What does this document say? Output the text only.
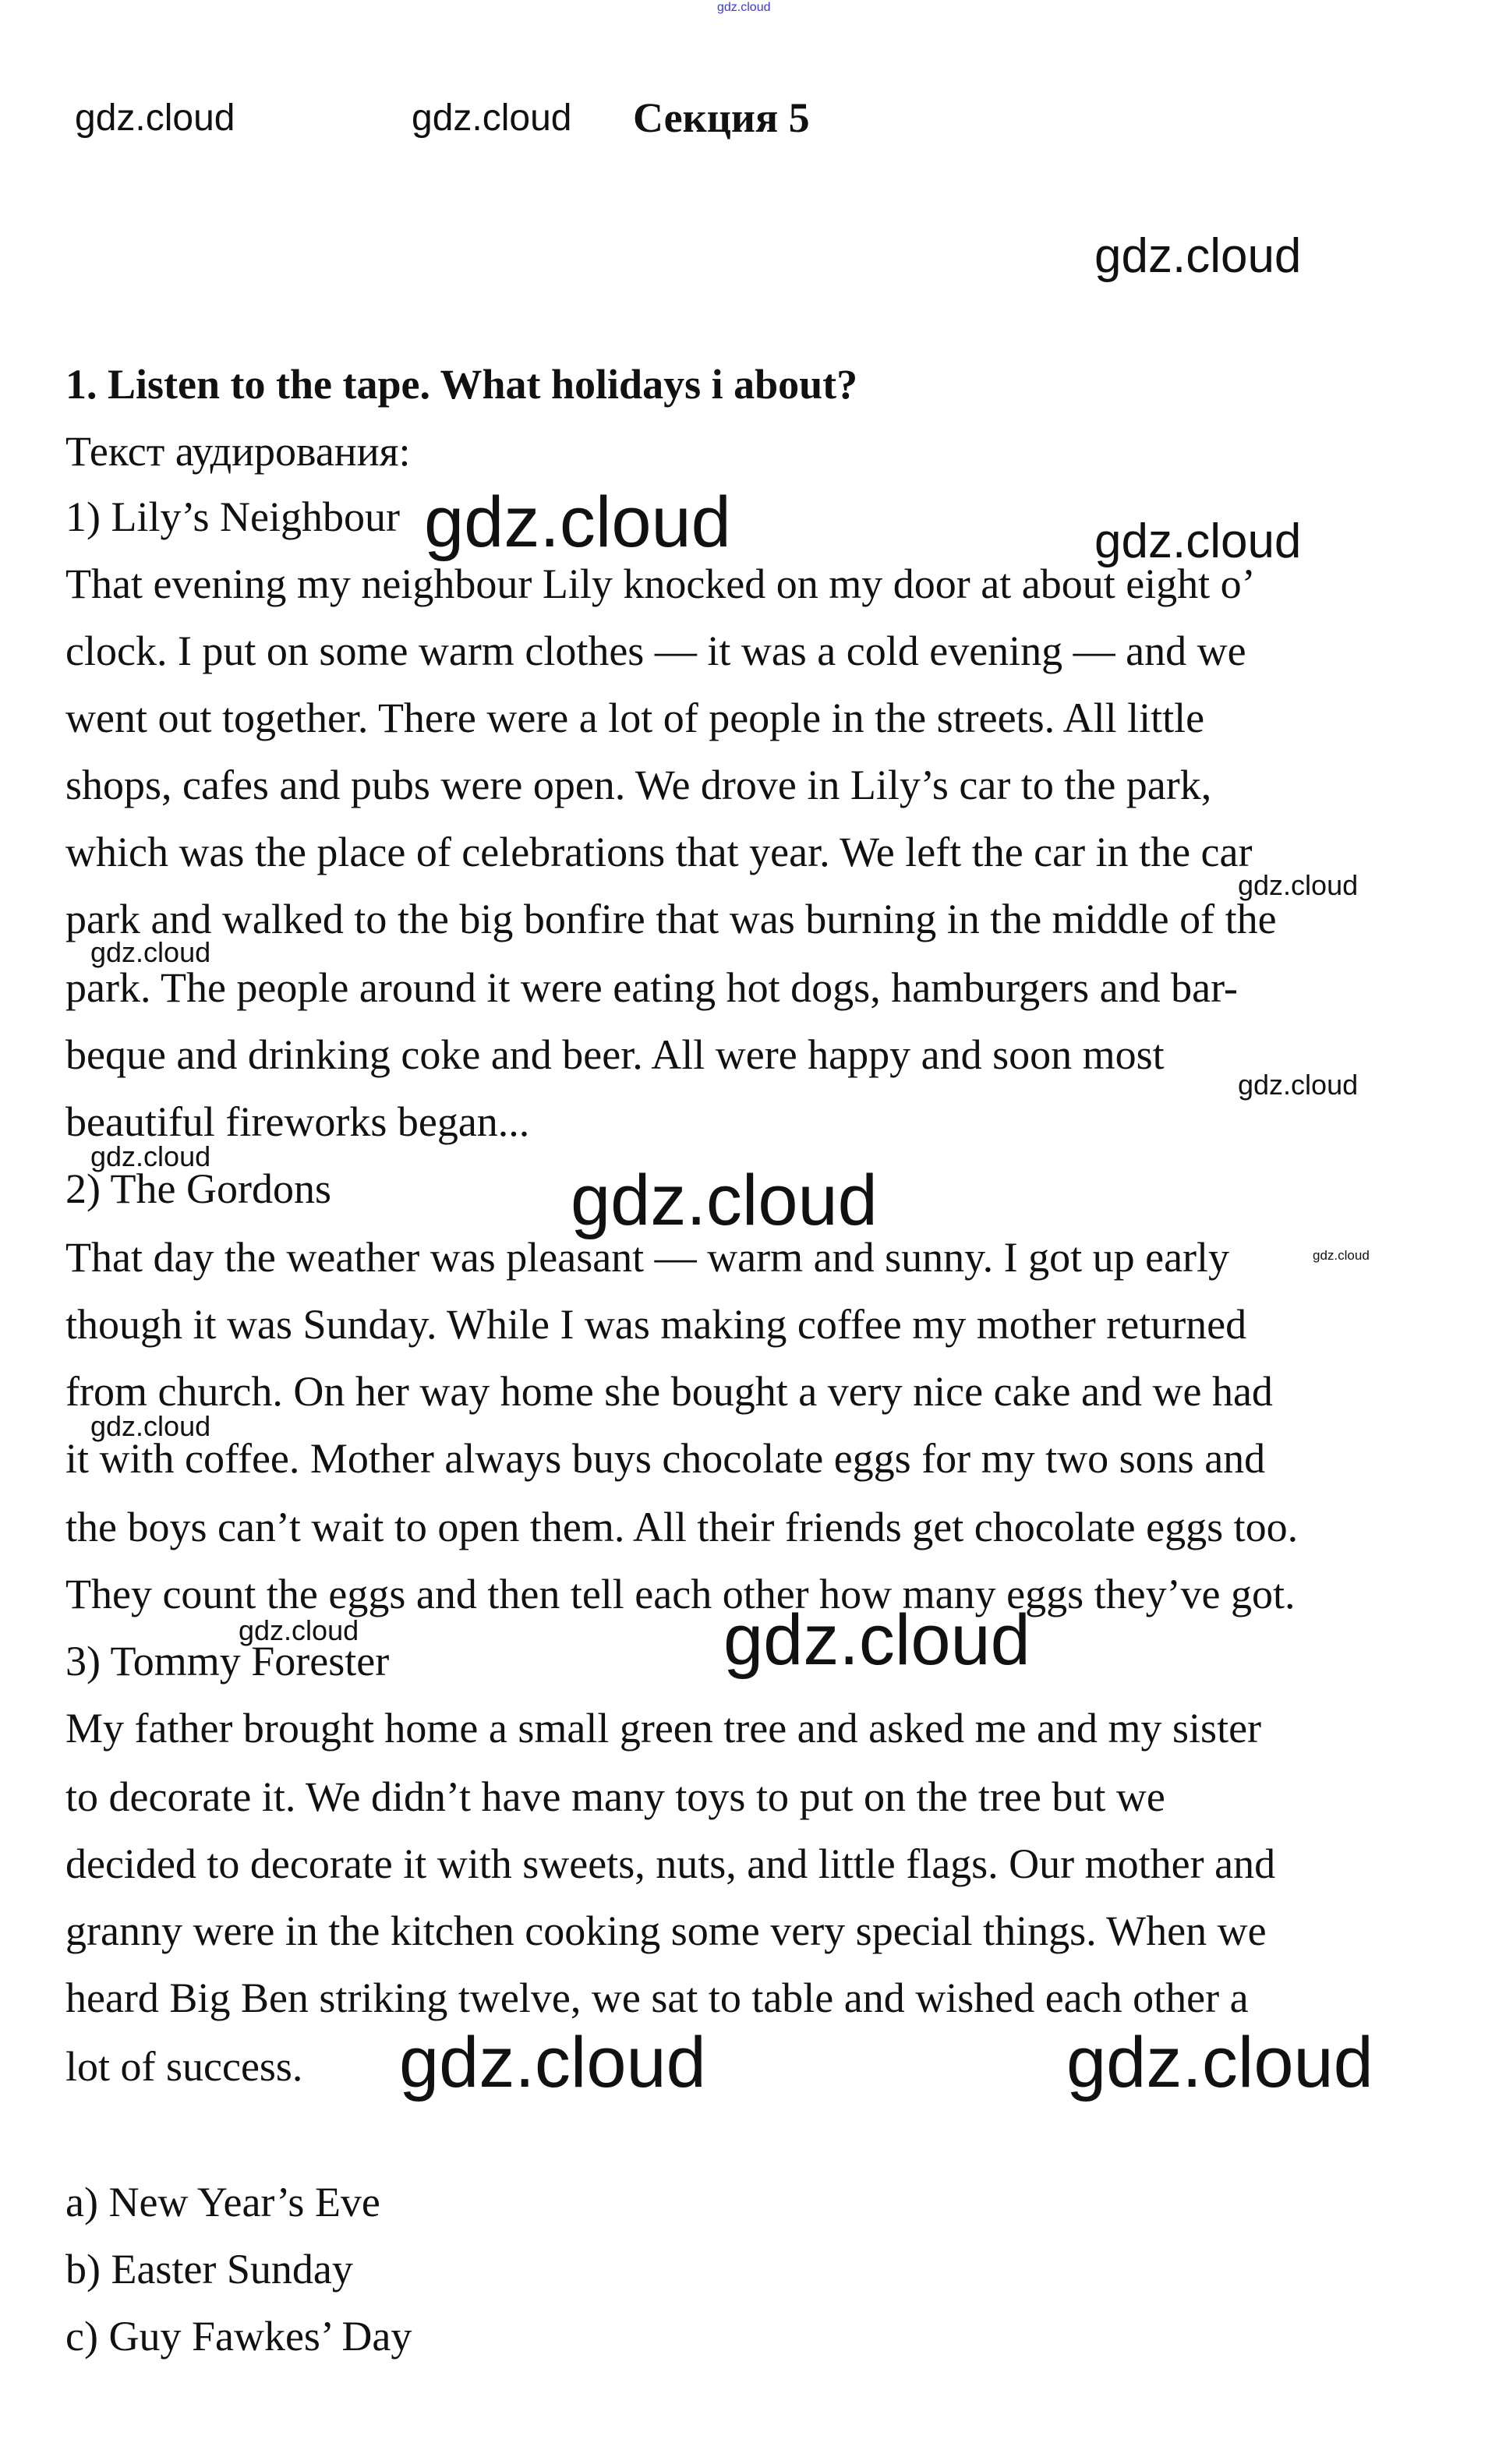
Секция 5
1. Listen to the tape. What holidays i about?
Текст аудирования:
1) Lily’s Neighbour
That evening my neighbour Lily knocked on my door at about eight o’
clock. I put on some warm clothes — it was a cold evening — and we
went out together. There were a lot of people in the streets. All little
shops, cafes and pubs were open. We drove in Lily’s car to the park,
which was the place of celebrations that year. We left the car in the car
park and walked to the big bonfire that was burning in the middle of the
park. The people around it were eating hot dogs, hamburgers and bar-
beque and drinking coke and beer. All were happy and soon most
beautiful fireworks began...
2) The Gordons
That day the weather was pleasant — warm and sunny. I got up early
though it was Sunday. While I was making coffee my mother returned
from church. On her way home she bought a very nice cake and we had
it with coffee. Mother always buys chocolate eggs for my two sons and
the boys can’t wait to open them. All their friends get chocolate eggs too.
They count the eggs and then tell each other how many eggs they’ve got.
3) Tommy Forester
My father brought home a small green tree and asked me and my sister
to decorate it. We didn’t have many toys to put on the tree but we
decided to decorate it with sweets, nuts, and little flags. Our mother and
granny were in the kitchen cooking some very special things. When we
heard Big Ben striking twelve, we sat to table and wished each other a
lot of success.
a) New Year’s Eve
b) Easter Sunday
c) Guy Fawkes’ Day
gdz.cloud
gdz.cloud	gdz.cloud
gdz.cloud
gdz.cloud	gdz.cloud
gdz.cloud
gdz.cloud
gdz.cloud
gdz.cloud
gdz.cloud
gdz.cloud
gdz.cloud
gdz.cloud	gdz.cloud
gdz.cloud	gdz.cloud
